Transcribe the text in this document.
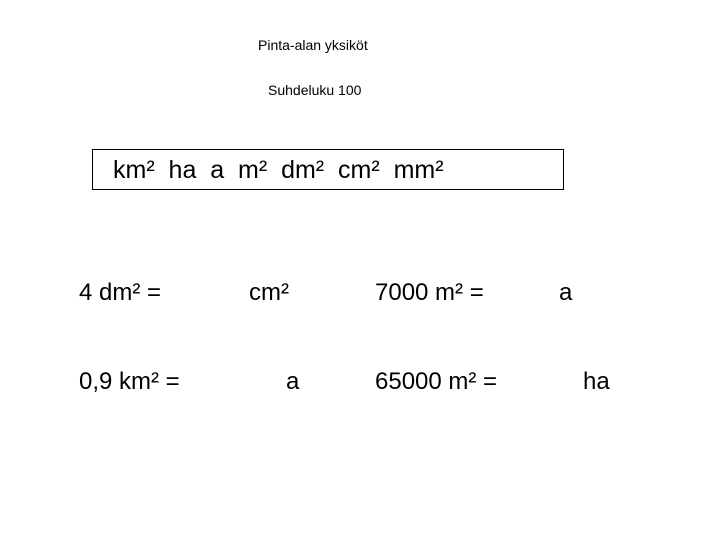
Pinta-alan yksiköt
Suhdeluku 100
km²  ha  a  m²  dm²  cm²  mm²
4 dm² =	cm²	7000 m² =	a
0,9 km² =	a	65000 m² =	ha
